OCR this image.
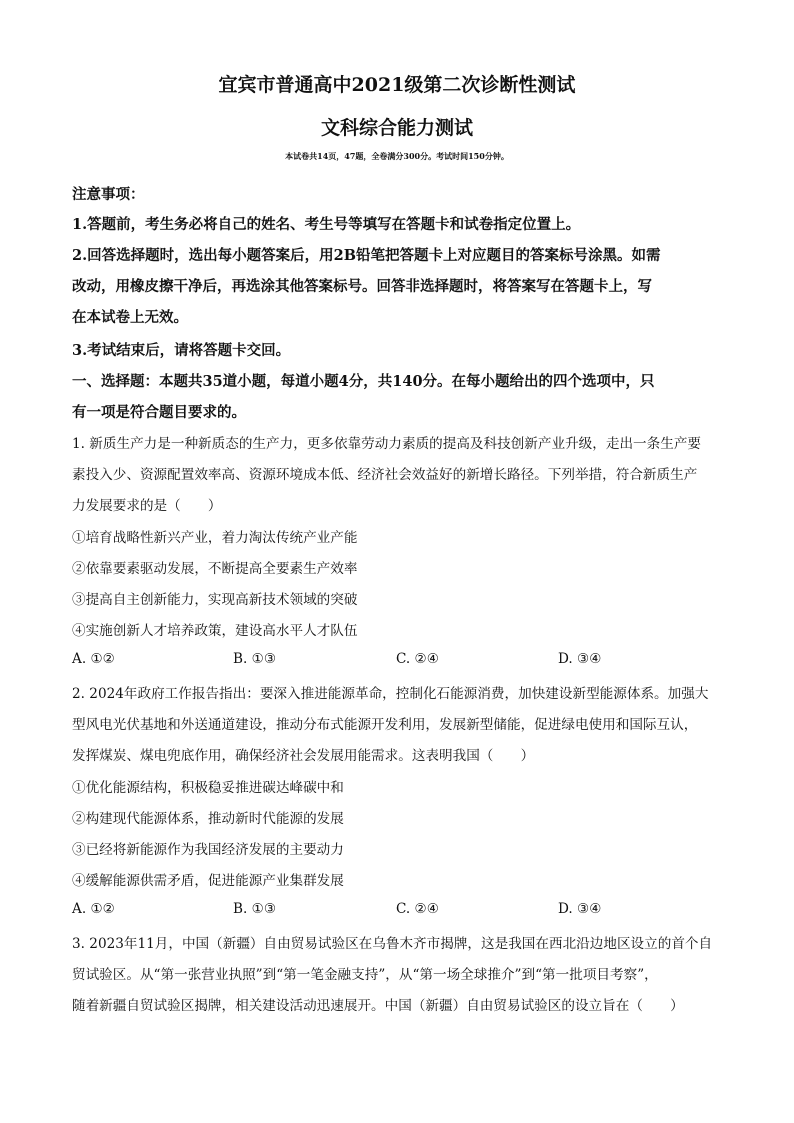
宜宾市普通高中2021级第二次诊断性测试
文科综合能力测试
本试卷共14页，47题，全卷满分300分。考试时间150分钟。
注意事项：
1.答题前，考生务必将自己的姓名、考生号等填写在答题卡和试卷指定位置上。
2.回答选择题时，选出每小题答案后，用2B铅笔把答题卡上对应题目的答案标号涂黑。如需
改动，用橡皮擦干净后，再选涂其他答案标号。回答非选择题时，将答案写在答题卡上，写
在本试卷上无效。
3.考试结束后，请将答题卡交回。
一、选择题：本题共35道小题，每道小题4分，共140分。在每小题给出的四个选项中，只
有一项是符合题目要求的。
1. 新质生产力是一种新质态的生产力，更多依靠劳动力素质的提高及科技创新产业升级，走出一条生产要
素投入少、资源配置效率高、资源环境成本低、经济社会效益好的新增长路径。下列举措，符合新质生产
力发展要求的是（　　）
①培育战略性新兴产业，着力淘汰传统产业产能
②依靠要素驱动发展，不断提高全要素生产效率
③提高自主创新能力，实现高新技术领域的突破
④实施创新人才培养政策，建设高水平人才队伍
A. ①②	B. ①③	C. ②④	D. ③④
2. 2024年政府工作报告指出：要深入推进能源革命，控制化石能源消费，加快建设新型能源体系。加强大
型风电光伏基地和外送通道建设，推动分布式能源开发利用，发展新型储能，促进绿电使用和国际互认，
发挥煤炭、煤电兜底作用，确保经济社会发展用能需求。这表明我国（　　）
①优化能源结构，积极稳妥推进碳达峰碳中和
②构建现代能源体系，推动新时代能源的发展
③已经将新能源作为我国经济发展的主要动力
④缓解能源供需矛盾，促进能源产业集群发展
A. ①②	B. ①③	C. ②④	D. ③④
3. 2023年11月，中国（新疆）自由贸易试验区在乌鲁木齐市揭牌，这是我国在西北沿边地区设立的首个自
贸试验区。从“第一张营业执照”到“第一笔金融支持”，从“第一场全球推介”到“第一批项目考察”，
随着新疆自贸试验区揭牌，相关建设活动迅速展开。中国（新疆）自由贸易试验区的设立旨在（　　）
